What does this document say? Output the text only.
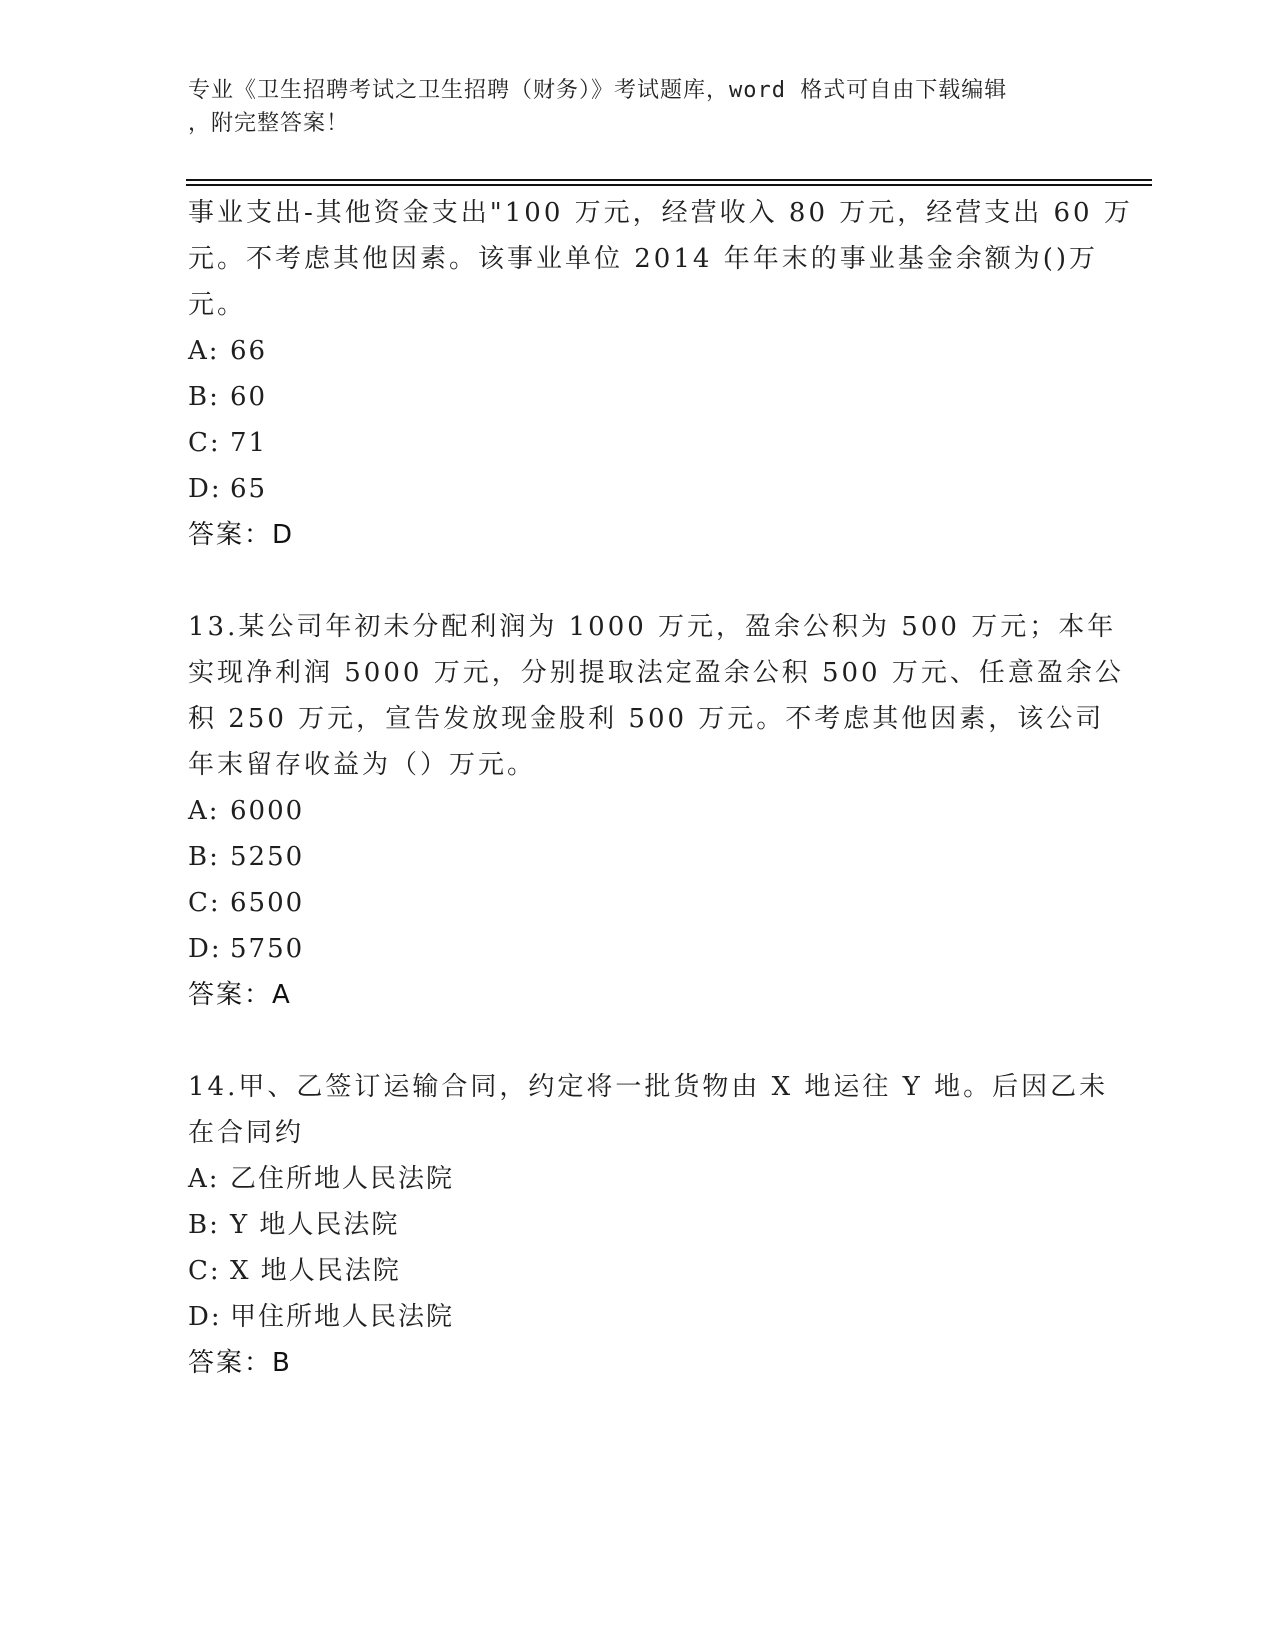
专业《卫生招聘考试之卫生招聘（财务）》考试题库，word 格式可自由下载编辑
，附完整答案！
事业支出-其他资金支出"100 万元，经营收入 80 万元，经营支出 60 万
元。不考虑其他因素。该事业单位 2014 年年末的事业基金余额为()万
元。
A: 66
B: 60
C: 71
D: 65
答案：D
13.某公司年初未分配利润为 1000 万元，盈余公积为 500 万元；本年
实现净利润 5000 万元，分别提取法定盈余公积 500 万元、任意盈余公
积 250 万元，宣告发放现金股利 500 万元。不考虑其他因素，该公司
年末留存收益为（）万元。
A: 6000
B: 5250
C: 6500
D: 5750
答案：A
14.甲、乙签订运输合同，约定将一批货物由 X 地运往 Y 地。后因乙未
在合同约
A: 乙住所地人民法院
B: Y 地人民法院
C: X 地人民法院
D: 甲住所地人民法院
答案：B
